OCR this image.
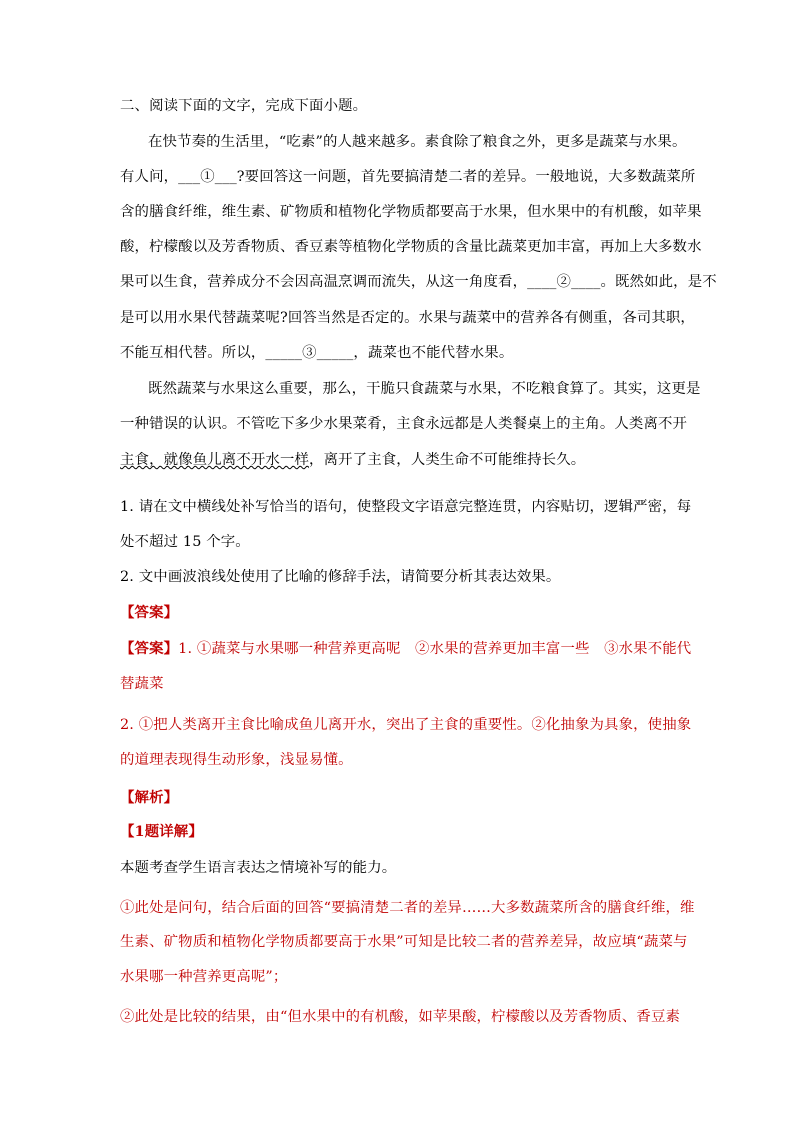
二、阅读下面的文字，完成下面小题。
在快节奏的生活里，“吃素”的人越来越多。素食除了粮食之外，更多是蔬菜与水果。
有人问，___①___?要回答这一问题，首先要搞清楚二者的差异。一般地说，大多数蔬菜所
含的膳食纤维，维生素、矿物质和植物化学物质都要高于水果，但水果中的有机酸，如苹果
酸，柠檬酸以及芳香物质、香豆素等植物化学物质的含量比蔬菜更加丰富，再加上大多数水
果可以生食，营养成分不会因高温烹调而流失，从这一角度看，____②____。既然如此，是不
是可以用水果代替蔬菜呢?回答当然是否定的。水果与蔬菜中的营养各有侧重，各司其职，
不能互相代替。所以，_____③_____，蔬菜也不能代替水果。
既然蔬菜与水果这么重要，那么，干脆只食蔬菜与水果，不吃粮食算了。其实，这更是
一种错误的认识。不管吃下多少水果菜肴，主食永远都是人类餐桌上的主角。人类离不开
主食，就像鱼儿离不开水一样，离开了主食，人类生命不可能维持长久。
1. 请在文中横线处补写恰当的语句，使整段文字语意完整连贯，内容贴切，逻辑严密，每
处不超过 15 个字。
2. 文中画波浪线处使用了比喻的修辞手法，请简要分析其表达效果。
【答案】
【答案】1. ①蔬菜与水果哪一种营养更高呢　②水果的营养更加丰富一些　③水果不能代
替蔬菜
2. ①把人类离开主食比喻成鱼儿离开水，突出了主食的重要性。②化抽象为具象，使抽象
的道理表现得生动形象，浅显易懂。
【解析】
【1题详解】
本题考查学生语言表达之情境补写的能力。
①此处是问句，结合后面的回答“要搞清楚二者的差异……大多数蔬菜所含的膳食纤维，维
生素、矿物质和植物化学物质都要高于水果”可知是比较二者的营养差异，故应填“蔬菜与
水果哪一种营养更高呢”；
②此处是比较的结果，由“但水果中的有机酸，如苹果酸，柠檬酸以及芳香物质、香豆素
